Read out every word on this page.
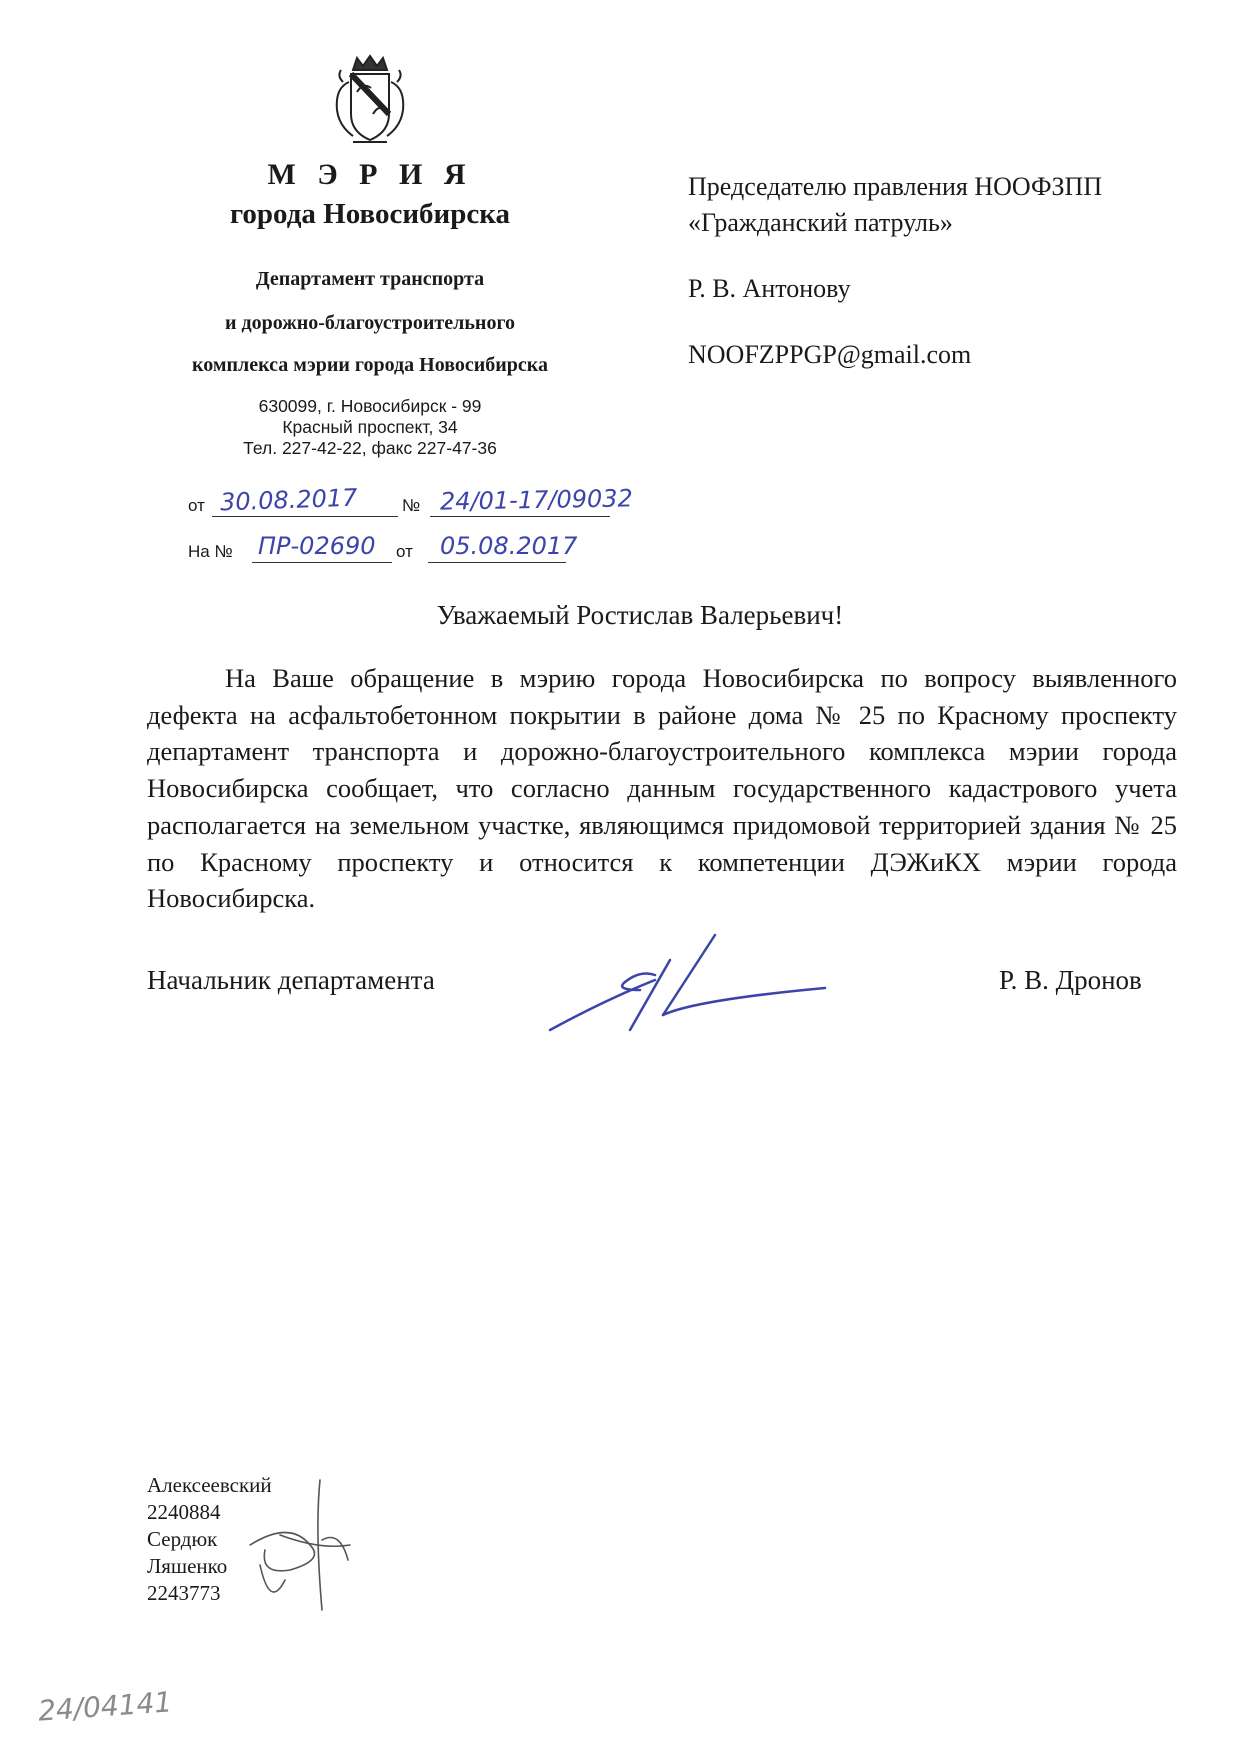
М Э Р И Я
города Новосибирска
Департамент транспорта
и дорожно-благоустроительного
комплекса мэрии города Новосибирска
630099, г. Новосибирск - 99
Красный проспект, 34
Тел. 227-42-22, факс 227-47-36
от 30.08.2017	№ 24/01-17/09032
На № ПР-02690 от 05.08.2017
Председателю правления НООФЗПП
«Гражданский патруль»
Р. В. Антонову
NOOFZPPGP@gmail.com
Уважаемый Ростислав Валерьевич!
На Ваше обращение в мэрию города Новосибирска по вопросу выявленного дефекта на асфальтобетонном покрытии в районе дома № 25 по Красному проспекту департамент транспорта и дорожно-благоустроительного комплекса мэрии города Новосибирска сообщает, что согласно данным государственного кадастрового учета располагается на земельном участке, являющимся придомовой территорией здания № 25 по Красному проспекту и относится к компетенции ДЭЖиКХ мэрии города Новосибирска.
Начальник департамента	Р. В. Дронов
Алексеевский
2240884
Сердюк
Ляшенко
2243773
24/04141
